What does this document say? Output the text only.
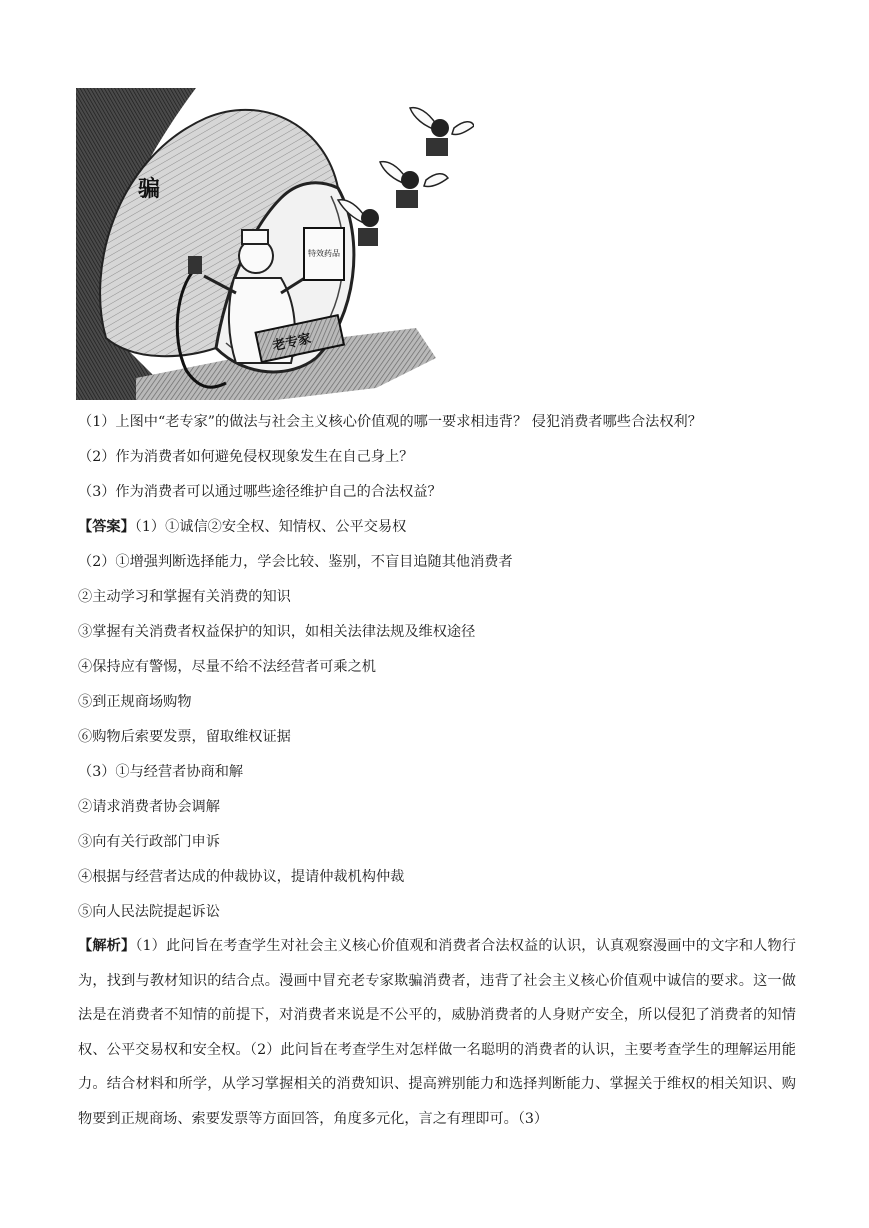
骗
特效药品
老专家
（1）上图中“老专家”的做法与社会主义核心价值观的哪一要求相违背？ 侵犯消费者哪些合法权利？
（2）作为消费者如何避免侵权现象发生在自己身上？
（3）作为消费者可以通过哪些途径维护自己的合法权益？
【答案】（1）①诚信②安全权、知情权、公平交易权
（2）①增强判断选择能力，学会比较、鉴别，不盲目追随其他消费者
②主动学习和掌握有关消费的知识
③掌握有关消费者权益保护的知识，如相关法律法规及维权途径
④保持应有警惕，尽量不给不法经营者可乘之机
⑤到正规商场购物
⑥购物后索要发票，留取维权证据
（3）①与经营者协商和解
②请求消费者协会调解
③向有关行政部门申诉
④根据与经营者达成的仲裁协议，提请仲裁机构仲裁
⑤向人民法院提起诉讼
【解析】（1）此问旨在考查学生对社会主义核心价值观和消费者合法权益的认识，认真观察漫画中的文字和人物行为，找到与教材知识的结合点。漫画中冒充老专家欺骗消费者，违背了社会主义核心价值观中诚信的要求。这一做法是在消费者不知情的前提下，对消费者来说是不公平的，威胁消费者的人身财产安全，所以侵犯了消费者的知情权、公平交易权和安全权。（2）此问旨在考查学生对怎样做一名聪明的消费者的认识，主要考查学生的理解运用能力。结合材料和所学，从学习掌握相关的消费知识、提高辨别能力和选择判断能力、掌握关于维权的相关知识、购物要到正规商场、索要发票等方面回答，角度多元化，言之有理即可。（3）
